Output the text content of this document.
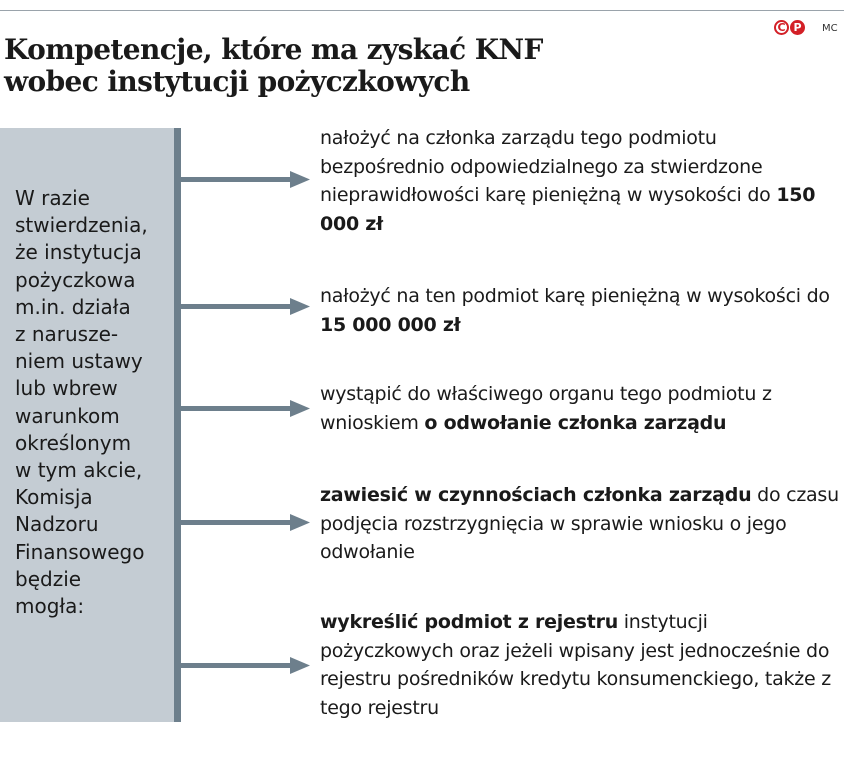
C P	MC
Kompetencje, które ma zyskać KNF
wobec instytucji pożyczkowych

W razie
stwierdzenia,
że instytucja
pożyczkowa
m.in. działa
z narusze-
niem ustawy
lub wbrew
warunkom
określonym
w tym akcie,
Komisja
Nadzoru
Finansowego
będzie
mogła:

nałożyć na członka zarządu tego podmiotu bezpośrednio odpowiedzialnego za stwierdzone nieprawidłowości karę pieniężną w wysokości do 150 000 zł

nałożyć na ten podmiot karę pieniężną w wysokości do 15 000 000 zł

wystąpić do właściwego organu tego podmiotu z wnioskiem o odwołanie członka zarządu

zawiesić w czynnościach członka zarządu do czasu podjęcia rozstrzygnięcia w sprawie wniosku o jego odwołanie

wykreślić podmiot z rejestru instytucji pożyczkowych oraz jeżeli wpisany jest jednocześnie do rejestru pośredników kredytu konsumenckiego, także z tego rejestru
